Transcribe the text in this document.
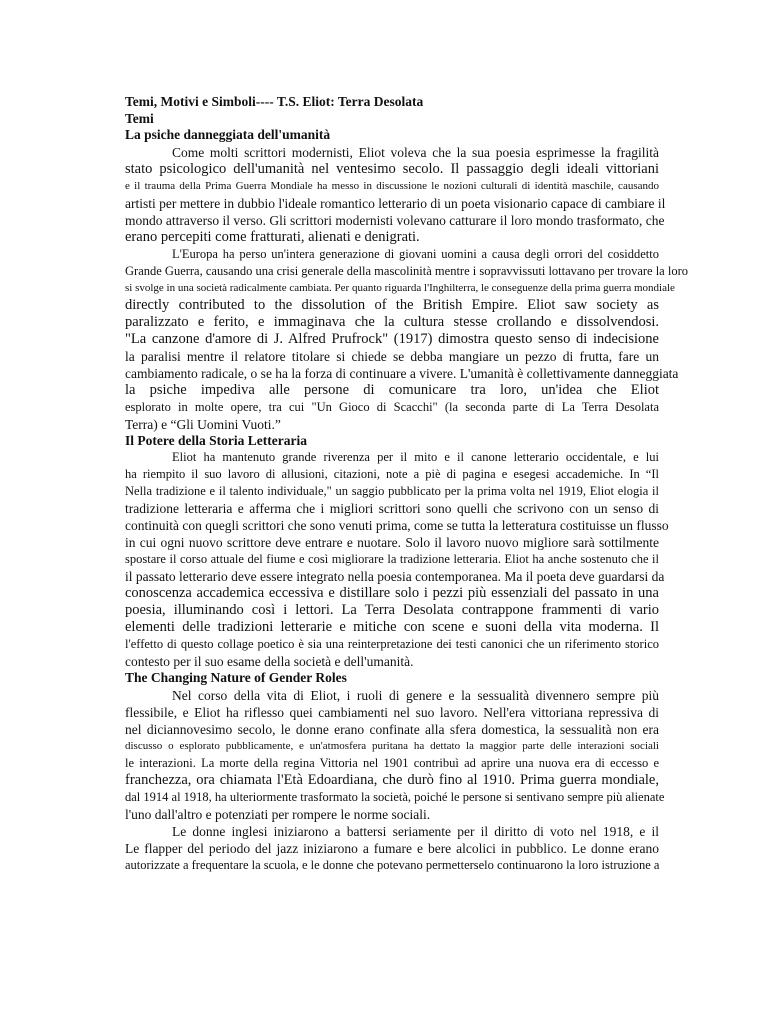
Temi, Motivi e Simboli---- T.S. Eliot: Terra Desolata
Temi
La psiche danneggiata dell'umanità
Come molti scrittori modernisti, Eliot voleva che la sua poesia esprimesse la fragilità
stato psicologico dell'umanità nel ventesimo secolo. Il passaggio degli ideali vittoriani
e il trauma della Prima Guerra Mondiale ha messo in discussione le nozioni culturali di identità maschile, causando
artisti per mettere in dubbio l'ideale romantico letterario di un poeta visionario capace di cambiare il
mondo attraverso il verso. Gli scrittori modernisti volevano catturare il loro mondo trasformato, che
erano percepiti come fratturati, alienati e denigrati.
L'Europa ha perso un'intera generazione di giovani uomini a causa degli orrori del cosiddetto
Grande Guerra, causando una crisi generale della mascolinità mentre i sopravvissuti lottavano per trovare la loro
si svolge in una società radicalmente cambiata. Per quanto riguarda l'Inghilterra, le conseguenze della prima guerra mondiale
directly contributed to the dissolution of the British Empire. Eliot saw society as
paralizzato e ferito, e immaginava che la cultura stesse crollando e dissolvendosi.
"La canzone d'amore di J. Alfred Prufrock" (1917) dimostra questo senso di indecisione
la paralisi mentre il relatore titolare si chiede se debba mangiare un pezzo di frutta, fare un
cambiamento radicale, o se ha la forza di continuare a vivere. L'umanità è collettivamente danneggiata
la psiche impediva alle persone di comunicare tra loro, un'idea che Eliot
esplorato in molte opere, tra cui "Un Gioco di Scacchi" (la seconda parte di La Terra Desolata
Terra) e “Gli Uomini Vuoti.”
Il Potere della Storia Letteraria
Eliot ha mantenuto grande riverenza per il mito e il canone letterario occidentale, e lui
ha riempito il suo lavoro di allusioni, citazioni, note a piè di pagina e esegesi accademiche. In “Il
Nella tradizione e il talento individuale," un saggio pubblicato per la prima volta nel 1919, Eliot elogia il
tradizione letteraria e afferma che i migliori scrittori sono quelli che scrivono con un senso di
continuità con quegli scrittori che sono venuti prima, come se tutta la letteratura costituisse un flusso
in cui ogni nuovo scrittore deve entrare e nuotare. Solo il lavoro nuovo migliore sarà sottilmente
spostare il corso attuale del fiume e così migliorare la tradizione letteraria. Eliot ha anche sostenuto che il
il passato letterario deve essere integrato nella poesia contemporanea. Ma il poeta deve guardarsi da
conoscenza accademica eccessiva e distillare solo i pezzi più essenziali del passato in una
poesia, illuminando così i lettori. La Terra Desolata contrappone frammenti di vario
elementi delle tradizioni letterarie e mitiche con scene e suoni della vita moderna. Il
l'effetto di questo collage poetico è sia una reinterpretazione dei testi canonici che un riferimento storico
contesto per il suo esame della società e dell'umanità.
The Changing Nature of Gender Roles
Nel corso della vita di Eliot, i ruoli di genere e la sessualità divennero sempre più
flessibile, e Eliot ha riflesso quei cambiamenti nel suo lavoro. Nell'era vittoriana repressiva di
nel diciannovesimo secolo, le donne erano confinate alla sfera domestica, la sessualità non era
discusso o esplorato pubblicamente, e un'atmosfera puritana ha dettato la maggior parte delle interazioni sociali
le interazioni. La morte della regina Vittoria nel 1901 contribuì ad aprire una nuova era di eccesso e
franchezza, ora chiamata l'Età Edoardiana, che durò fino al 1910. Prima guerra mondiale,
dal 1914 al 1918, ha ulteriormente trasformato la società, poiché le persone si sentivano sempre più alienate
l'uno dall'altro e potenziati per rompere le norme sociali.
Le donne inglesi iniziarono a battersi seriamente per il diritto di voto nel 1918, e il
Le flapper del periodo del jazz iniziarono a fumare e bere alcolici in pubblico. Le donne erano
autorizzate a frequentare la scuola, e le donne che potevano permetterselo continuarono la loro istruzione a
